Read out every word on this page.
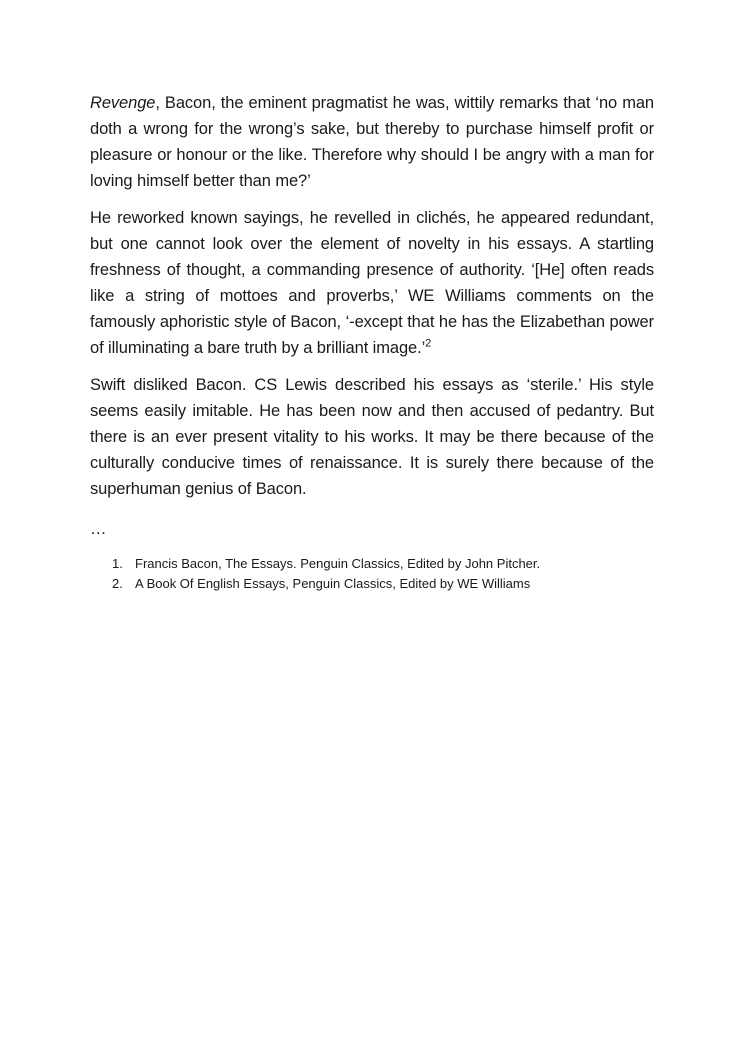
Revenge, Bacon, the eminent pragmatist he was, wittily remarks that ‘no man doth a wrong for the wrong’s sake, but thereby to purchase himself profit or pleasure or honour or the like. Therefore why should I be angry with a man for loving himself better than me?’

He reworked known sayings, he revelled in clichés, he appeared redundant, but one cannot look over the element of novelty in his essays. A startling freshness of thought, a commanding presence of authority. ‘[He] often reads like a string of mottoes and proverbs,’ WE Williams comments on the famously aphoristic style of Bacon, ‘-except that he has the Elizabethan power of illuminating a bare truth by a brilliant image.’$^2$

Swift disliked Bacon. CS Lewis described his essays as ‘sterile.’ His style seems easily imitable. He has been now and then accused of pedantry. But there is an ever present vitality to his works. It may be there because of the culturally conducive times of renaissance. It is surely there because of the superhuman genius of Bacon.

…

1. Francis Bacon, The Essays. Penguin Classics, Edited by John Pitcher.
2. A Book Of English Essays, Penguin Classics, Edited by WE Williams
